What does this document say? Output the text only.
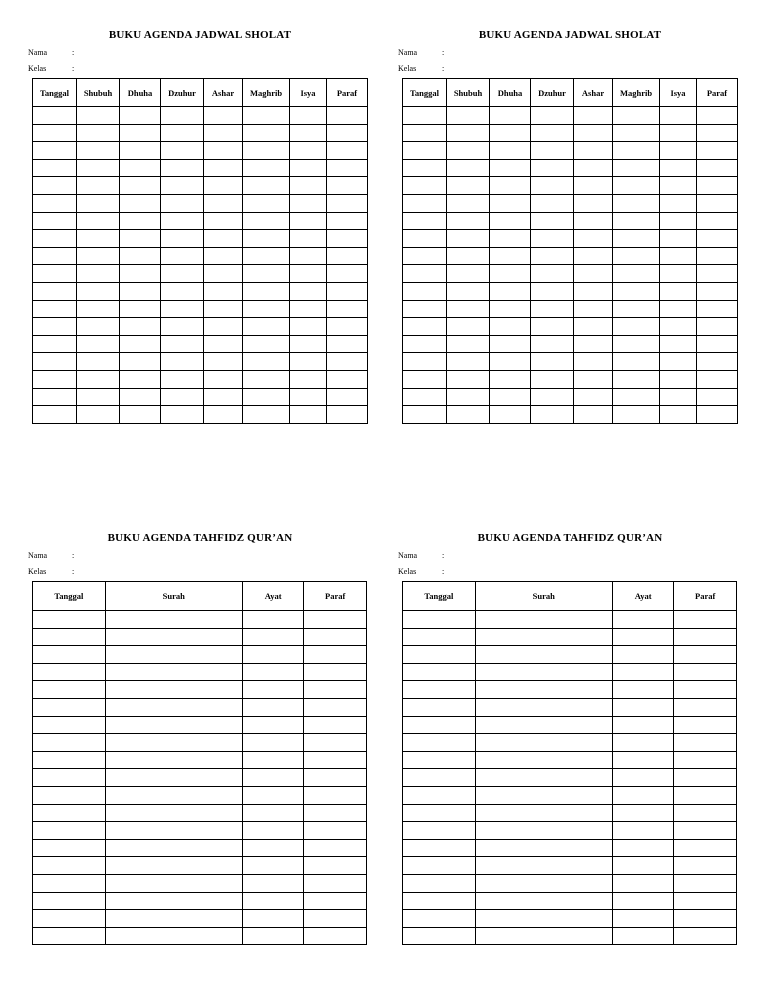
BUKU AGENDA JADWAL SHOLAT
Nama	:
Kelas	:
Tanggal	Shubuh	Dhuha	Dzuhur	Ashar	Maghrib	Isya	Paraf

BUKU AGENDA JADWAL SHOLAT
Nama	:
Kelas	:
Tanggal	Shubuh	Dhuha	Dzuhur	Ashar	Maghrib	Isya	Paraf

BUKU AGENDA TAHFIDZ QUR’AN
Nama	:
Kelas	:
Tanggal	Surah	Ayat	Paraf

BUKU AGENDA TAHFIDZ QUR’AN
Nama	:
Kelas	:
Tanggal	Surah	Ayat	Paraf
